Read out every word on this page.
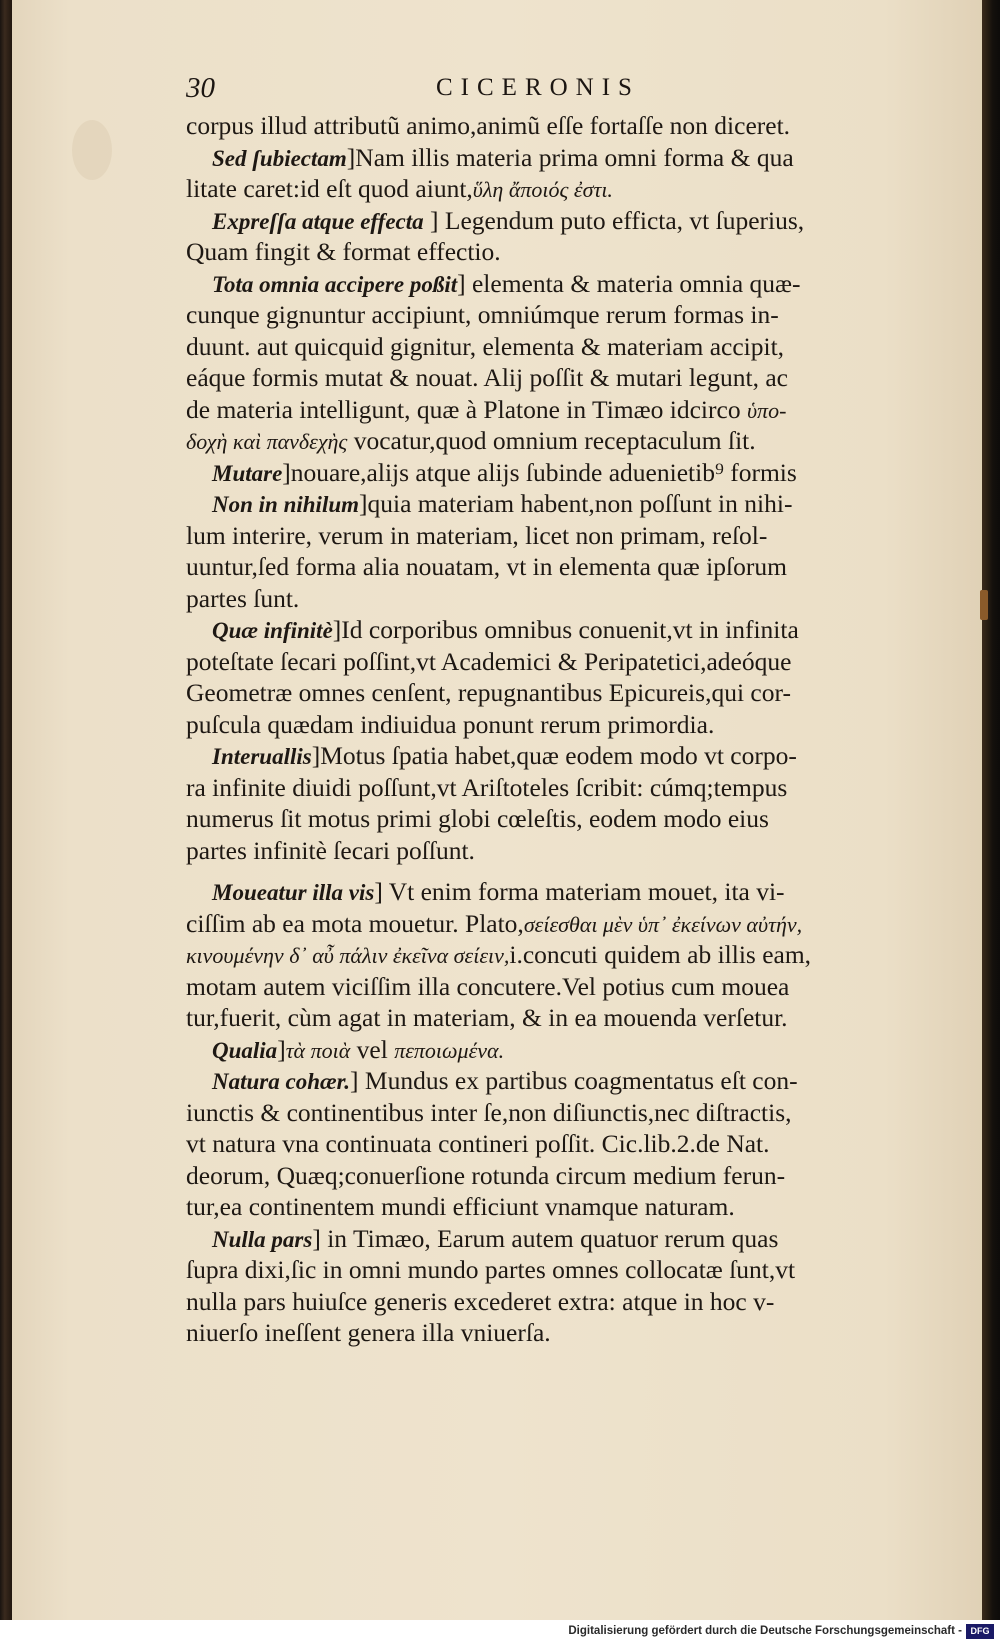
30	CICERONIS
corpus illud attributũ animo,animũ eſſe fortaſſe non diceret.
Sed ſubiectam]Nam illis materia prima omni forma & qua
litate caret:id eſt quod aiunt,ὕλη ἄποιός ἐστι.
Expreſſa atque effecta ] Legendum puto efficta, vt ſuperius,
Quam fingit & format effectio.
Tota omnia accipere poßit] elementa & materia omnia quæ-
cunque gignuntur accipiunt, omniúmque rerum formas in-
duunt. aut quicquid gignitur, elementa & materiam accipit,
eáque formis mutat & nouat. Alij poſſit & mutari legunt, ac
de materia intelligunt, quæ à Platone in Timæo idcirco ὑπο-
δοχὴ καὶ πανδεχὴς vocatur,quod omnium receptaculum ſit.
Mutare]nouare,alijs atque alijs ſubinde aduenietib⁹ formis
Non in nihilum]quia materiam habent,non poſſunt in nihi-
lum interire, verum in materiam, licet non primam, reſol-
uuntur,ſed forma alia nouatam, vt in elementa quæ ipſorum
partes ſunt.
Quæ infinitè]Id corporibus omnibus conuenit,vt in infinita
poteſtate ſecari poſſint,vt Academici & Peripatetici,adeóque
Geometræ omnes cenſent, repugnantibus Epicureis,qui cor-
puſcula quædam indiuidua ponunt rerum primordia.
Interuallis]Motus ſpatia habet,quæ eodem modo vt corpo-
ra infinite diuidi poſſunt,vt Ariſtoteles ſcribit: cúmq;tempus
numerus ſit motus primi globi cœleſtis, eodem modo eius
partes infinitè ſecari poſſunt.
Moueatur illa vis] Vt enim forma materiam mouet, ita vi-
ciſſim ab ea mota mouetur. Plato,σείεσθαι μὲν ὑπ᾽ ἐκείνων αὐτήν,
κινουμένην δ᾽ αὖ πάλιν ἐκεῖνα σείειν,i.concuti quidem ab illis eam,
motam autem viciſſim illa concutere.Vel potius cum mouea
tur,fuerit, cùm agat in materiam, & in ea mouenda verſetur.
Qualia]τὰ ποιὰ vel πεποιωμένα.
Natura cohær.] Mundus ex partibus coagmentatus eſt con-
iunctis & continentibus inter ſe,non diſiunctis,nec diſtractis,
vt natura vna continuata contineri poſſit. Cic.lib.2.de Nat.
deorum, Quæq;conuerſione rotunda circum medium ferun-
tur,ea continentem mundi efficiunt vnamque naturam.
Nulla pars] in Timæo, Earum autem quatuor rerum quas
ſupra dixi,ſic in omni mundo partes omnes collocatæ ſunt,vt
nulla pars huiuſce generis excederet extra: atque in hoc v-
niuerſo ineſſent genera illa vniuerſa.
Digitalisierung gefördert durch die Deutsche Forschungsgemeinschaft - DFG
